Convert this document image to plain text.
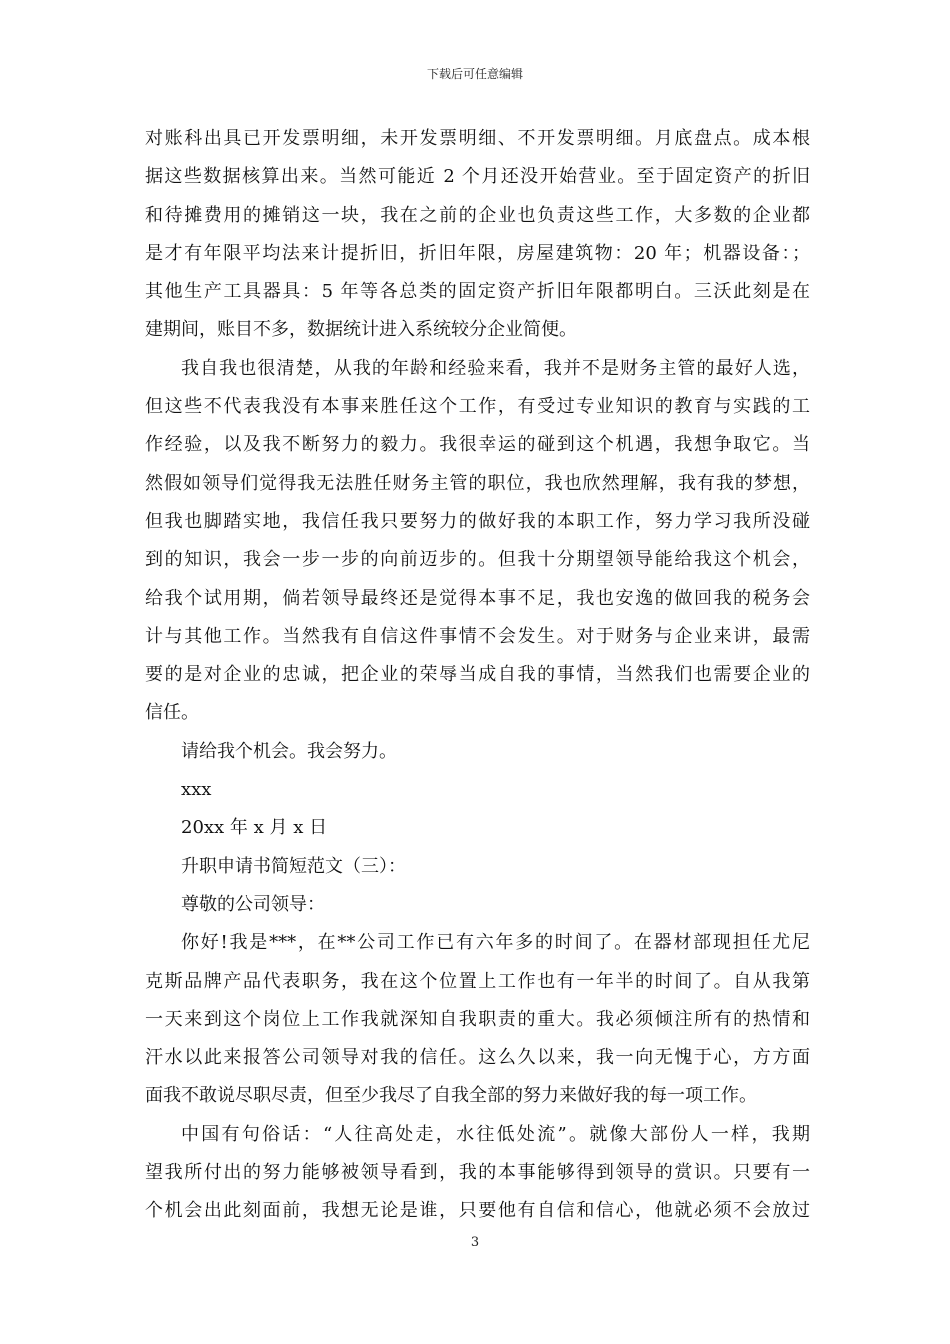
下载后可任意编辑
对账科出具已开发票明细，未开发票明细、不开发票明细。月底盘点。成本根
据这些数据核算出来。当然可能近 2 个月还没开始营业。至于固定资产的折旧
和待摊费用的摊销这一块，我在之前的企业也负责这些工作，大多数的企业都
是才有年限平均法来计提折旧，折旧年限，房屋建筑物：20 年；机器设备：；
其他生产工具器具：5 年等各总类的固定资产折旧年限都明白。三沃此刻是在
建期间，账目不多，数据统计进入系统较分企业简便。
我自我也很清楚，从我的年龄和经验来看，我并不是财务主管的最好人选，
但这些不代表我没有本事来胜任这个工作，有受过专业知识的教育与实践的工
作经验，以及我不断努力的毅力。我很幸运的碰到这个机遇，我想争取它。当
然假如领导们觉得我无法胜任财务主管的职位，我也欣然理解，我有我的梦想，
但我也脚踏实地，我信任我只要努力的做好我的本职工作，努力学习我所没碰
到的知识，我会一步一步的向前迈步的。但我十分期望领导能给我这个机会，
给我个试用期，倘若领导最终还是觉得本事不足，我也安逸的做回我的税务会
计与其他工作。当然我有自信这件事情不会发生。对于财务与企业来讲，最需
要的是对企业的忠诚，把企业的荣辱当成自我的事情，当然我们也需要企业的
信任。
请给我个机会。我会努力。
xxx
20xx 年 x 月 x 日
升职申请书简短范文（三）：
尊敬的公司领导：
你好!我是***，在**公司工作已有六年多的时间了。在器材部现担任尤尼
克斯品牌产品代表职务，我在这个位置上工作也有一年半的时间了。自从我第
一天来到这个岗位上工作我就深知自我职责的重大。我必须倾注所有的热情和
汗水以此来报答公司领导对我的信任。这么久以来，我一向无愧于心，方方面
面我不敢说尽职尽责，但至少我尽了自我全部的努力来做好我的每一项工作。
中国有句俗话：“人往高处走，水往低处流”。就像大部份人一样，我期
望我所付出的努力能够被领导看到，我的本事能够得到领导的赏识。只要有一
个机会出此刻面前，我想无论是谁，只要他有自信和信心，他就必须不会放过
3
